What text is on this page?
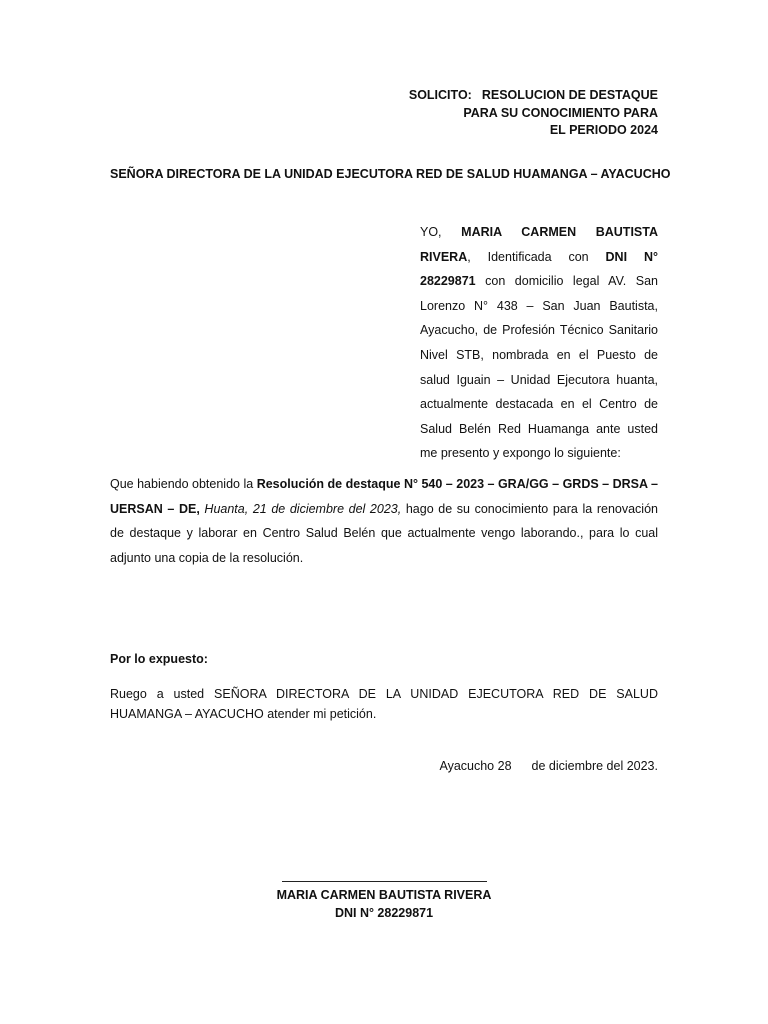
SOLICITO: RESOLUCION DE DESTAQUE
PARA SU CONOCIMIENTO PARA
EL PERIODO 2024
SEÑORA DIRECTORA DE LA UNIDAD EJECUTORA RED DE SALUD HUAMANGA – AYACUCHO
YO, MARIA CARMEN BAUTISTA RIVERA, Identificada con DNI N° 28229871 con domicilio legal AV. San Lorenzo N° 438 – San Juan Bautista, Ayacucho, de Profesión Técnico Sanitario Nivel STB, nombrada en el Puesto de salud Iguain – Unidad Ejecutora huanta, actualmente destacada en el Centro de Salud Belén Red Huamanga ante usted me presento y expongo lo siguiente:
Que habiendo obtenido la Resolución de destaque N° 540 – 2023 – GRA/GG – GRDS – DRSA – UERSAN – DE, Huanta, 21 de diciembre del 2023, hago de su conocimiento para la renovación de destaque y laborar en Centro Salud Belén que actualmente vengo laborando., para lo cual adjunto una copia de la resolución.
Por lo expuesto:
Ruego a usted SEÑORA DIRECTORA DE LA UNIDAD EJECUTORA RED DE SALUD HUAMANGA – AYACUCHO atender mi petición.
Ayacucho 28 de diciembre del 2023.
MARIA CARMEN BAUTISTA RIVERA
DNI N° 28229871
